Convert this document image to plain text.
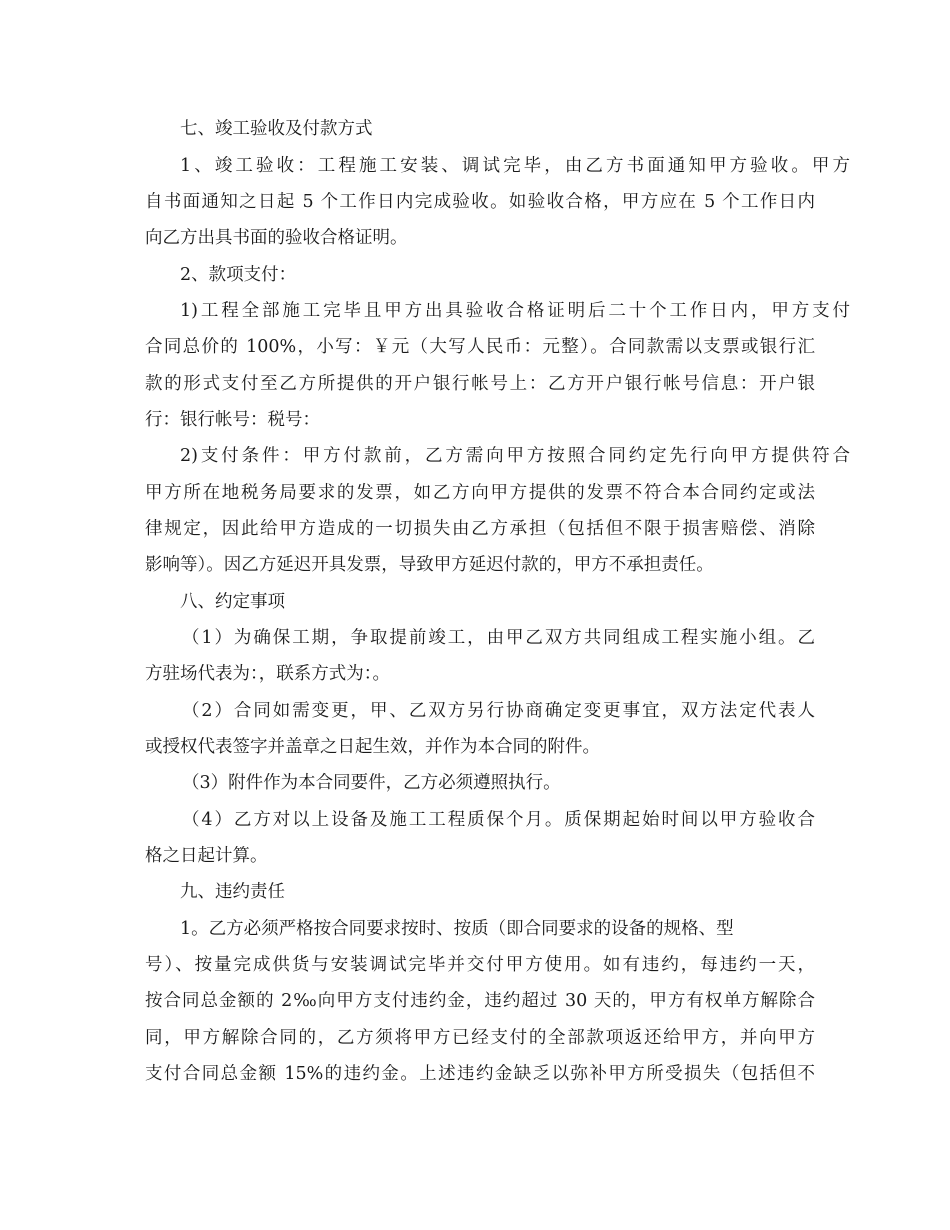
七、竣工验收及付款方式

1、竣工验收：工程施工安装、调试完毕，由乙方书面通知甲方验收。甲方

自书面通知之日起 5 个工作日内完成验收。如验收合格，甲方应在 5 个工作日内

向乙方出具书面的验收合格证明。

2、款项支付：

1)工程全部施工完毕且甲方出具验收合格证明后二十个工作日内，甲方支付

合同总价的 100%，小写：￥元（大写人民币：元整）。合同款需以支票或银行汇

款的形式支付至乙方所提供的开户银行帐号上：乙方开户银行帐号信息：开户银

行：银行帐号：税号：

2)支付条件：甲方付款前，乙方需向甲方按照合同约定先行向甲方提供符合

甲方所在地税务局要求的发票，如乙方向甲方提供的发票不符合本合同约定或法

律规定，因此给甲方造成的一切损失由乙方承担（包括但不限于损害赔偿、消除

影响等）。因乙方延迟开具发票，导致甲方延迟付款的，甲方不承担责任。

八、约定事项

（1）为确保工期，争取提前竣工，由甲乙双方共同组成工程实施小组。乙

方驻场代表为：，联系方式为：。

（2）合同如需变更，甲、乙双方另行协商确定变更事宜，双方法定代表人

或授权代表签字并盖章之日起生效，并作为本合同的附件。

（3）附件作为本合同要件，乙方必须遵照执行。

（4）乙方对以上设备及施工工程质保个月。质保期起始时间以甲方验收合

格之日起计算。

九、违约责任

1。乙方必须严格按合同要求按时、按质（即合同要求的设备的规格、型

号）、按量完成供货与安装调试完毕并交付甲方使用。如有违约，每违约一天，

按合同总金额的 2‰向甲方支付违约金，违约超过 30 天的，甲方有权单方解除合

同，甲方解除合同的，乙方须将甲方已经支付的全部款项返还给甲方，并向甲方

支付合同总金额 15%的违约金。上述违约金缺乏以弥补甲方所受损失（包括但不
